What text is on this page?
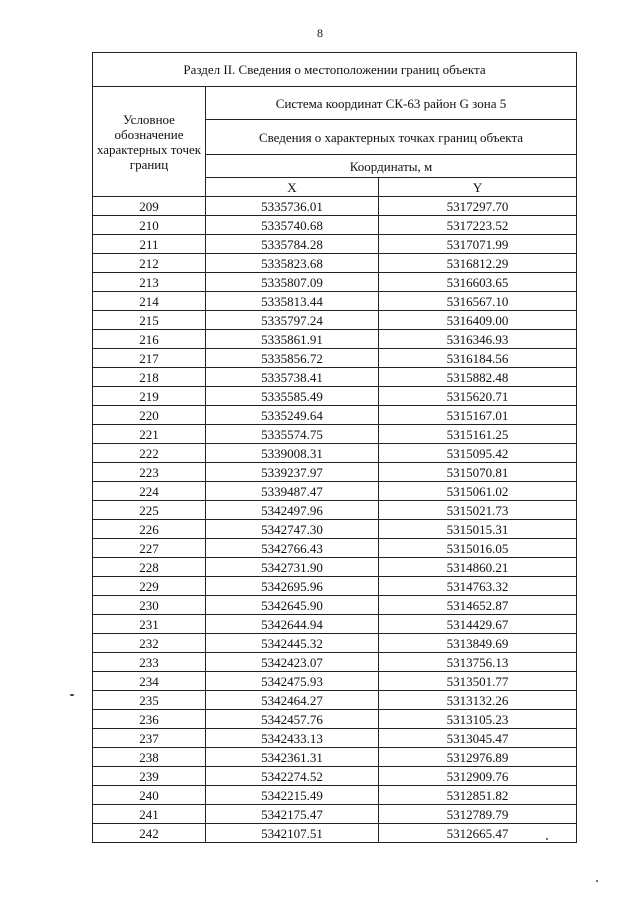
8
Раздел II. Сведения о местоположении границ объекта		
Условное обозначение характерных точек границ	Система координат СК-63 район G зона 5	
	Сведения о характерных точках границ объекта	
	Координаты, м	
	X	Y
209	5335736.01	5317297.70
210	5335740.68	5317223.52
211	5335784.28	5317071.99
212	5335823.68	5316812.29
213	5335807.09	5316603.65
214	5335813.44	5316567.10
215	5335797.24	5316409.00
216	5335861.91	5316346.93
217	5335856.72	5316184.56
218	5335738.41	5315882.48
219	5335585.49	5315620.71
220	5335249.64	5315167.01
221	5335574.75	5315161.25
222	5339008.31	5315095.42
223	5339237.97	5315070.81
224	5339487.47	5315061.02
225	5342497.96	5315021.73
226	5342747.30	5315015.31
227	5342766.43	5315016.05
228	5342731.90	5314860.21
229	5342695.96	5314763.32
230	5342645.90	5314652.87
231	5342644.94	5314429.67
232	5342445.32	5313849.69
233	5342423.07	5313756.13
234	5342475.93	5313501.77
235	5342464.27	5313132.26
236	5342457.76	5313105.23
237	5342433.13	5313045.47
238	5342361.31	5312976.89
239	5342274.52	5312909.76
240	5342215.49	5312851.82
241	5342175.47	5312789.79
242	5342107.51	5312665.47
